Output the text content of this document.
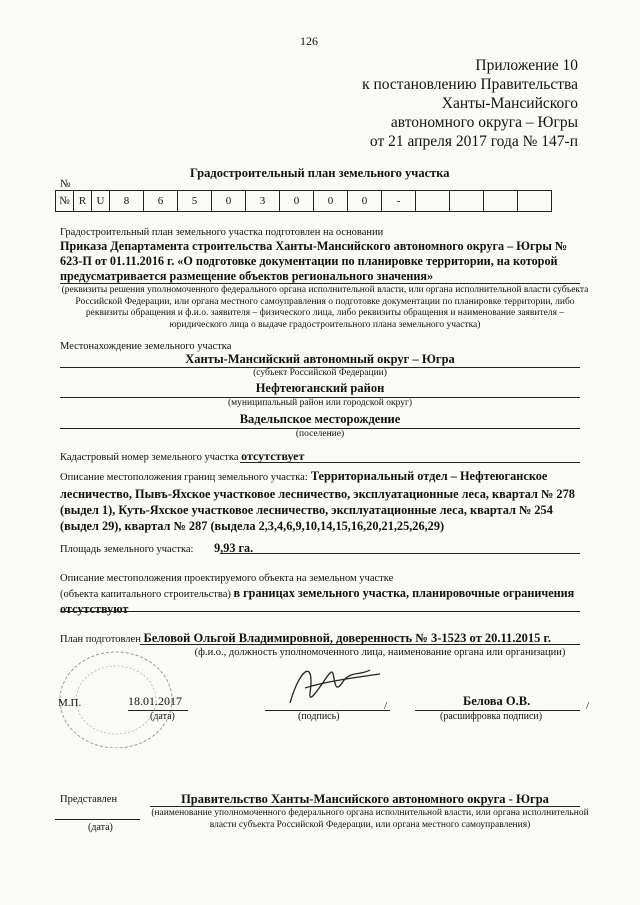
126
Приложение 10
к постановлению Правительства
Ханты-Мансийского
автономного округа – Югры
от 21 апреля 2017 года № 147-п
Градостроительный план земельного участка
№
№	R	U	8	6	5	0	3	0	0	0	-				
Градостроительный план земельного участка подготовлен на основании
Приказа Департамента строительства Ханты-Мансийского автономного округа – Югры № 623-П от 01.11.2016 г. «О подготовке документации по планировке территории, на которой предусматривается размещение объектов регионального значения»
(реквизиты решения уполномоченного федерального органа исполнительной власти, или органа исполнительной власти субъекта Российской Федерации, или органа местного самоуправления о подготовке документации по планировке территории, либо реквизиты обращения и ф.и.о. заявителя – физического лица, либо реквизиты обращения и наименование заявителя – юридического лица о выдаче градостроительного плана земельного участка)
Местонахождение земельного участка
Ханты-Мансийский автономный округ – Югра
(субъект Российской Федерации)
Нефтеюганский район
(муниципальный район или городской округ)
Вадельпское месторождение
(поселение)
Кадастровый номер земельного участка отсутствует
Описание местоположения границ земельного участка: Территориальный отдел – Нефтеюганское лесничество, Пывъ-Яхское участковое лесничество, эксплуатационные леса, квартал № 278 (выдел 1), Куть-Яхское участковое лесничество, эксплуатационные леса, квартал № 254 (выдел 29), квартал № 287 (выдела 2,3,4,6,9,10,14,15,16,20,21,25,26,29)
Площадь земельного участка: 9,93 га.
Описание местоположения проектируемого объекта на земельном участке
(объекта капитального строительства) в границах земельного участка, планировочные ограничения отсутствуют
План подготовлен Беловой Ольгой Владимировной, доверенность № 3-1523 от 20.11.2015 г.
(ф.и.о., должность уполномоченного лица, наименование органа или организации)
М.П.	18.01.2017
(дата)	(подпись)
/	Белова О.В.	/
(расшифровка подписи)
Представлен	Правительство Ханты-Мансийского автономного округа - Югра
(наименование уполномоченного федерального органа исполнительной власти, или органа исполнительной власти субъекта Российской Федерации, или органа местного самоуправления)
(дата)
